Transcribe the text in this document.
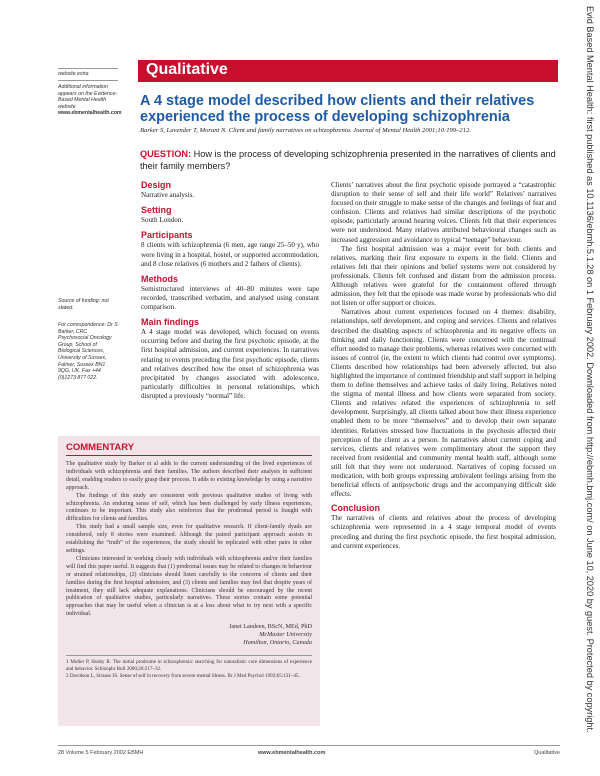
website extra
Additional information appears on the Evidence-Based Mental Health website
www.ebmentalhealth.com
Source of funding: not stated.
For correspondence: Dr S Barker, CRC Psychosocial Oncology Group, School of Biological Sciences, University of Sussex, Falmer, Sussex BN1 9QG, UK. Fax +44 (0)1273 877 022.
Qualitative
A 4 stage model described how clients and their relatives experienced the process of developing schizophrenia
Barker S, Lavender T, Morant N. Client and family narratives on schizophrenia. Journal of Mental Health 2001;10:199–212.
QUESTION: How is the process of developing schizophrenia presented in the narratives of clients and their family members?
Design

Narrative analysis.

Setting

South London.

Participants

8 clients with schizophrenia (6 men, age range 25–50 y), who were living in a hospital, hostel, or supported accommodation, and 8 close relatives (6 mothers and 2 fathers of clients).

Methods

Semistructured interviews of 40–80 minutes were tape recorded, transcribed verbatim, and analysed using constant comparison.

Main findings

A 4 stage model was developed, which focused on events occurring before and during the first psychotic episode, at the first hospital admission, and current experiences. In narratives relating to events preceding the first psychotic episode, clients and relatives described how the onset of schizophrenia was precipitated by changes associated with adolescence, particularly difficulties in personal relationships, which disrupted a previously “normal” life.

Clients’ narratives about the first psychotic episode portrayed a “catastrophic disruption to their sense of self and their life world” Relatives’ narratives focused on their struggle to make sense of the changes and feelings of fear and confusion. Clients and relatives had similar descriptions of the psychotic episode, particularly around hearing voices. Clients felt that their experiences were not understood. Many relatives attributed behavioural changes such as increased aggression and avoidance to typical “teenage” behaviour.

The first hospital admission was a major event for both clients and relatives, marking their first exposure to experts in the field. Clients and relatives felt that their opinions and belief systems were not considered by professionals. Clients felt confused and distant from the admission process. Although relatives were grateful for the containment offered through admission, they felt that the episode was made worse by professionals who did not listen or offer support or choices.

Narratives about current experiences focused on 4 themes: disability, relationships, self development, and coping and services. Clients and relatives described the disabling aspects of schizophrenia and its negative effects on thinking and daily functioning. Clients were concerned with the continual effort needed to manage their problems, whereas relatives were concerned with issues of control (ie, the extent to which clients had control over symptoms). Clients described how relationships had been adversely affected, but also highlighted the importance of continued friendship and staff support in helping them to define themselves and achieve tasks of daily living. Relatives noted the stigma of mental illness and how clients were separated from society. Clients and relatives related the experiences of schizophrenia to self development. Surprisingly, all clients talked about how their illness experience enabled them to be more “themselves” and to develop their own separate identities. Relatives stressed how fluctuations in the psychosis affected their perception of the client as a person. In narratives about current coping and services, clients and relatives were complimentary about the support they received from residential and community mental health staff, although some still felt that they were not understood. Narratives of coping focused on medication, with both groups expressing ambivalent feelings arising from the beneficial effects of antipsychotic drugs and the accompanying difficult side effects.

Conclusion

The narratives of clients and relatives about the process of developing schizophrenia were represented in a 4 stage temporal model of events preceding and during the first psychotic episode, the first hospital admission, and current experiences.

COMMENTARY

The qualitative study by Barker et al adds to the current understanding of the lived experiences of individuals with schizophrenia and their families. The authors described their analysis in sufficient detail, enabling readers to easily grasp their process. It adds to existing knowledge by using a narrative approach.

The findings of this study are consistent with previous qualitative studies of living with schizophrenia. An enduring sense of self, which has been challenged by early illness experiences, continues to be important. This study also reinforces that the prodromal period is fraught with difficulties for clients and families.

This study had a small sample size, even for qualitative research. If client-family dyads are considered, only 8 stories were examined. Although the paired participant approach assists in establishing the “truth” of the experiences, the study should be replicated with other pairs in other settings.

Clinicians interested in working closely with individuals with schizophrenia and/or their families will find this paper useful. It suggests that (1) prodromal issues may be related to changes in behaviour or strained relationships, (2) clinicians should listen carefully to the concerns of clients and their families during the first hospital admission, and (3) clients and families may feel that despite years of treatment, they still lack adequate explanations. Clinicians should be encouraged by the recent publication of qualitative studies, particularly narratives. These stories contain some potential approaches that may be useful when a clinician is at a loss about what to try next with a specific individual.

Janet Landeen, BScN, MEd, PhD
McMaster University
Hamilton, Ontario, Canada
1 Moller P, Husby R. The initial prodrome in schizophrenia: searching for naturalistic core dimensions of experience and behavior. Schizophr Bull 2000;26:217–32.
2 Davidson L, Strauss JS. Sense of self in recovery from severe mental illness. Br J Med Psychol 1992;65:131–45.
28 Volume 5 February 2002 EBMH	www.ebmentalhealth.com	Qualitative
Evid Based Mental Health: first published as 10.1136/ebmh.5.1.28 on 1 February 2002. Downloaded from http://ebmh.bmj.com/ on June 10, 2020 by guest. Protected by copyright.
